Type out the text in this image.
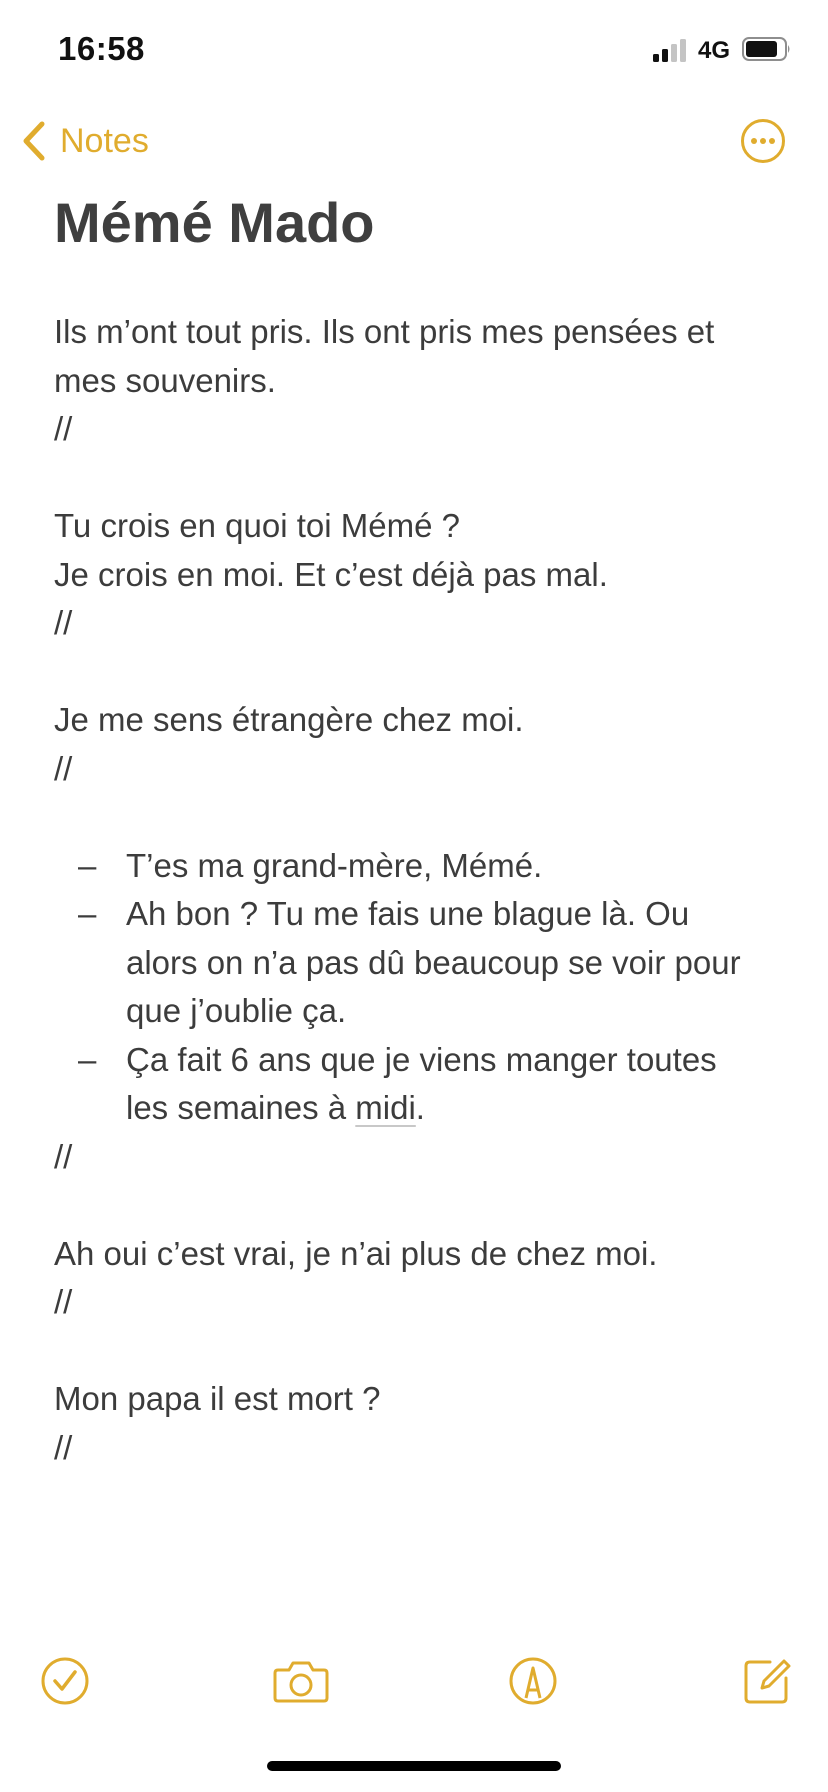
16:58	4G
Notes
Mémé Mado
Ils m’ont tout pris. Ils ont pris mes pensées et
mes souvenirs.
//
Tu crois en quoi toi Mémé ?
Je crois en moi. Et c’est déjà pas mal.
//
Je me sens étrangère chez moi.
//
– T’es ma grand-mère, Mémé.
– Ah bon ? Tu me fais une blague là. Ou
alors on n’a pas dû beaucoup se voir pour
que j’oublie ça.
– Ça fait 6 ans que je viens manger toutes
les semaines à midi.
//
Ah oui c’est vrai, je n’ai plus de chez moi.
//
Mon papa il est mort ?
//
